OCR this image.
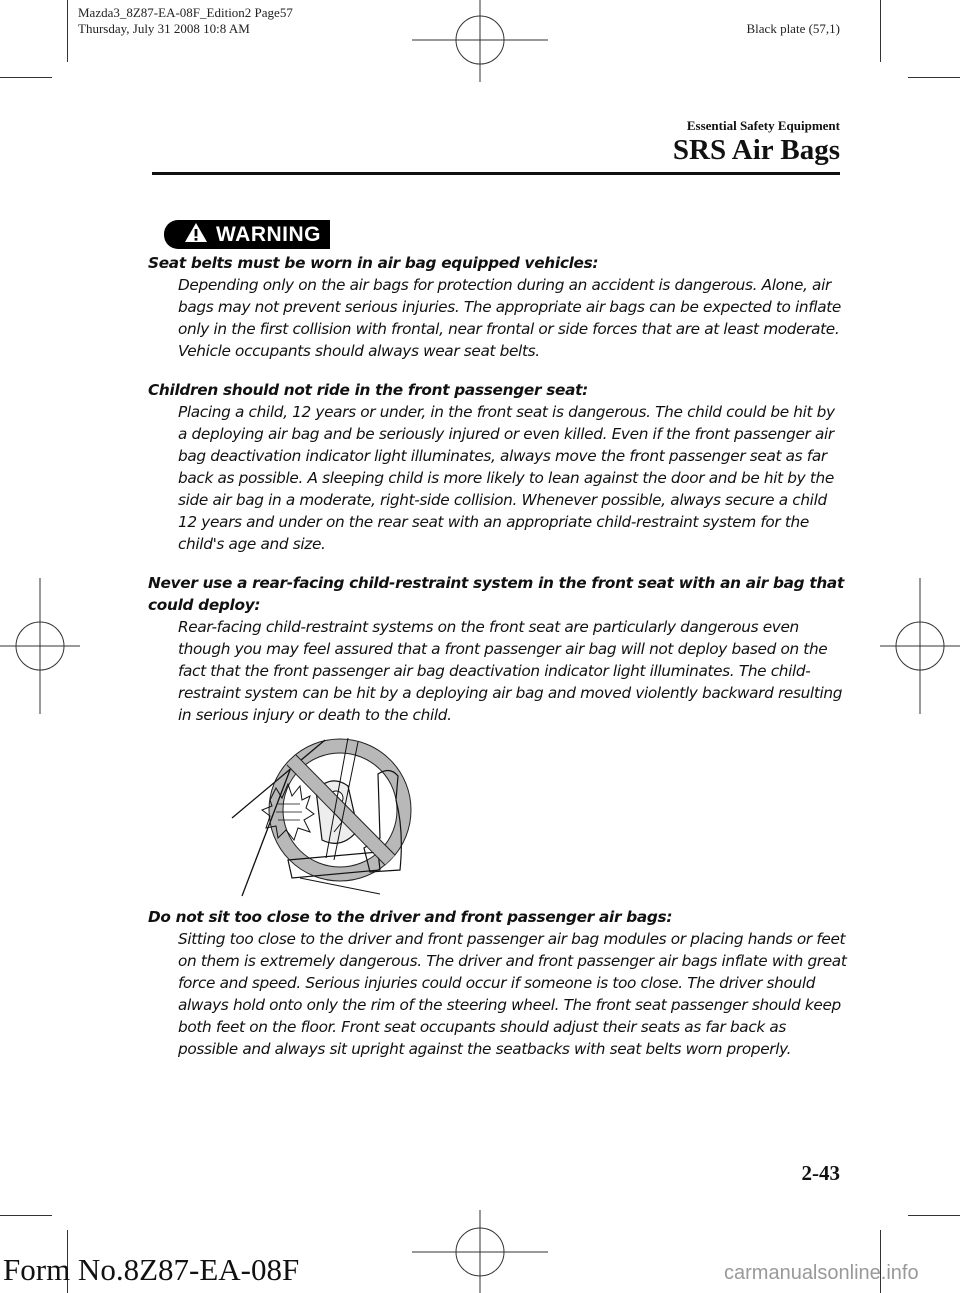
Mazda3_8Z87-EA-08F_Edition2 Page57
Thursday, July 31 2008 10:8 AM	Black plate (57,1)
Essential Safety Equipment
SRS Air Bags
WARNING
Seat belts must be worn in air bag equipped vehicles:
Depending only on the air bags for protection during an accident is dangerous. Alone, air bags may not prevent serious injuries. The appropriate air bags can be expected to inflate only in the first collision with frontal, near frontal or side forces that are at least moderate. Vehicle occupants should always wear seat belts.
Children should not ride in the front passenger seat:
Placing a child, 12 years or under, in the front seat is dangerous. The child could be hit by a deploying air bag and be seriously injured or even killed. Even if the front passenger air bag deactivation indicator light illuminates, always move the front passenger seat as far back as possible. A sleeping child is more likely to lean against the door and be hit by the side air bag in a moderate, right-side collision. Whenever possible, always secure a child 12 years and under on the rear seat with an appropriate child-restraint system for the child's age and size.
Never use a rear-facing child-restraint system in the front seat with an air bag that could deploy:
Rear-facing child-restraint systems on the front seat are particularly dangerous even though you may feel assured that a front passenger air bag will not deploy based on the fact that the front passenger air bag deactivation indicator light illuminates. The child-restraint system can be hit by a deploying air bag and moved violently backward resulting in serious injury or death to the child.
Do not sit too close to the driver and front passenger air bags:
Sitting too close to the driver and front passenger air bag modules or placing hands or feet on them is extremely dangerous. The driver and front passenger air bags inflate with great force and speed. Serious injuries could occur if someone is too close. The driver should always hold onto only the rim of the steering wheel. The front seat passenger should keep both feet on the floor. Front seat occupants should adjust their seats as far back as possible and always sit upright against the seatbacks with seat belts worn properly.
2-43
Form No.8Z87-EA-08F	carmanualsonline.info
